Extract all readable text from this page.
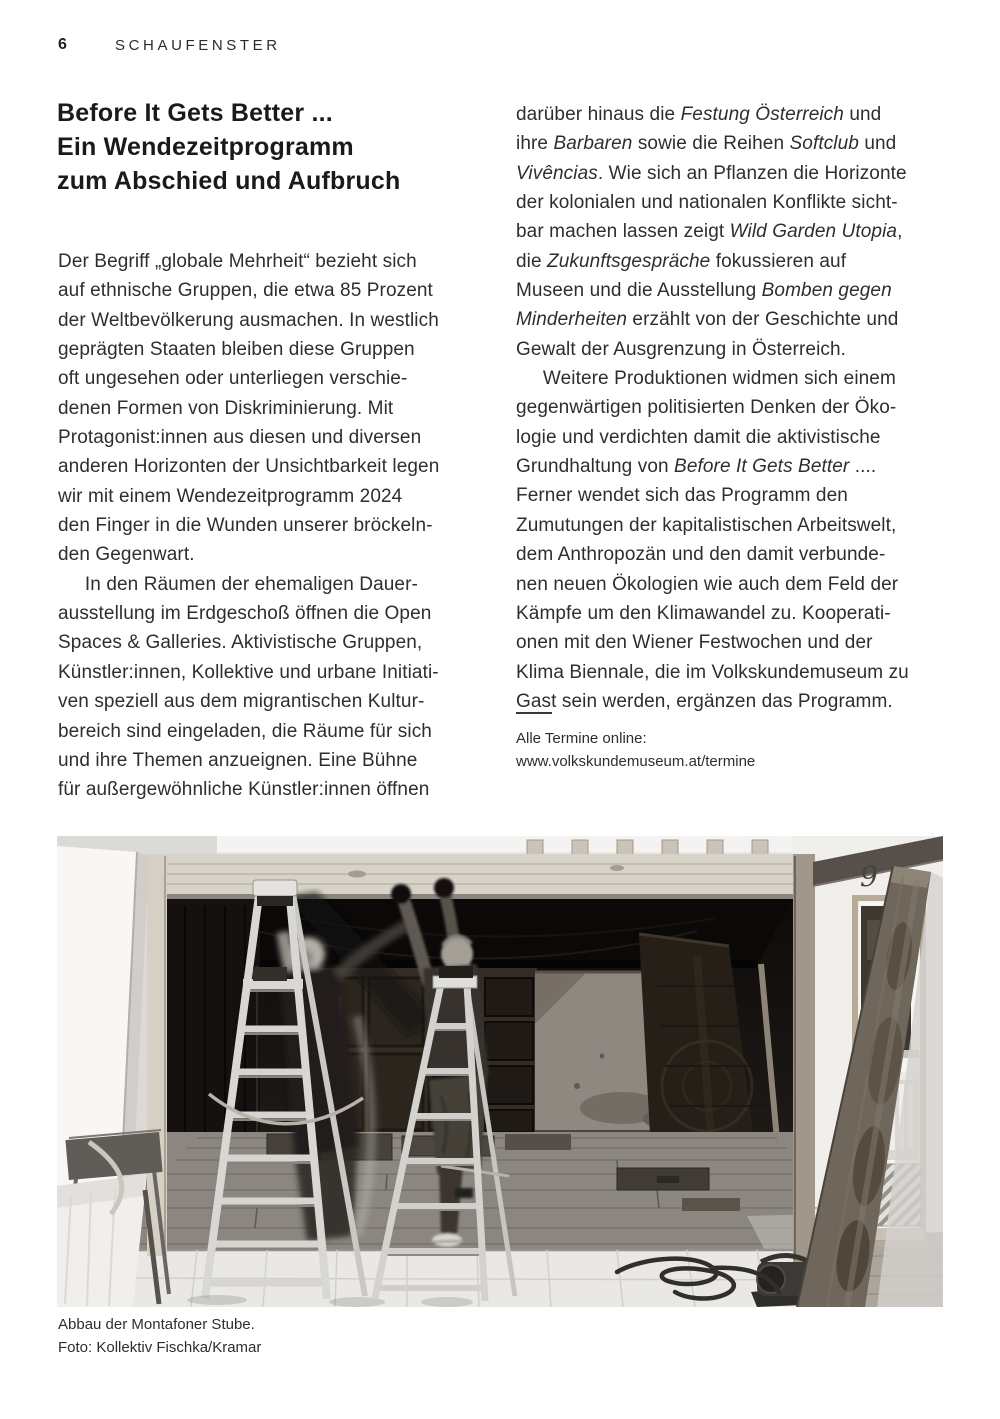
6	SCHAUFENSTER
Before It Gets Better ...
Ein Wendezeitprogramm
zum Abschied und Aufbruch
Der Begriff „globale Mehrheit“ bezieht sich
auf ethnische Gruppen, die etwa 85 Prozent
der Weltbevölkerung ausmachen. In westlich
geprägten Staaten bleiben diese Gruppen
oft ungesehen oder unterliegen verschie-
denen Formen von Diskriminierung. Mit
Protagonist:innen aus diesen und diversen
anderen Horizonten der Unsichtbarkeit legen
wir mit einem Wendezeitprogramm 2024
den Finger in die Wunden unserer bröckeln-
den Gegenwart.
In den Räumen der ehemaligen Dauer-
ausstellung im Erdgeschoß öffnen die Open
Spaces & Galleries. Aktivistische Gruppen,
Künstler:innen, Kollektive und urbane Initiati-
ven speziell aus dem migrantischen Kultur-
bereich sind eingeladen, die Räume für sich
und ihre Themen anzueignen. Eine Bühne
für außergewöhnliche Künstler:innen öffnen
darüber hinaus die Festung Österreich und
ihre Barbaren sowie die Reihen Softclub und
Vivências. Wie sich an Pflanzen die Horizonte
der kolonialen und nationalen Konflikte sicht-
bar machen lassen zeigt Wild Garden Utopia,
die Zukunftsgespräche fokussieren auf
Museen und die Ausstellung Bomben gegen
Minderheiten erzählt von der Geschichte und
Gewalt der Ausgrenzung in Österreich.
Weitere Produktionen widmen sich einem
gegenwärtigen politisierten Denken der Öko-
logie und verdichten damit die aktivistische
Grundhaltung von Before It Gets Better ....
Ferner wendet sich das Programm den
Zumutungen der kapitalistischen Arbeitswelt,
dem Anthropozän und den damit verbunde-
nen neuen Ökologien wie auch dem Feld der
Kämpfe um den Klimawandel zu. Kooperati-
onen mit den Wiener Festwochen und der
Klima Biennale, die im Volkskundemuseum zu
Gast sein werden, ergänzen das Programm.
Alle Termine online:
www.volkskundemuseum.at/termine
9
Abbau der Montafoner Stube.
Foto: Kollektiv Fischka/Kramar
